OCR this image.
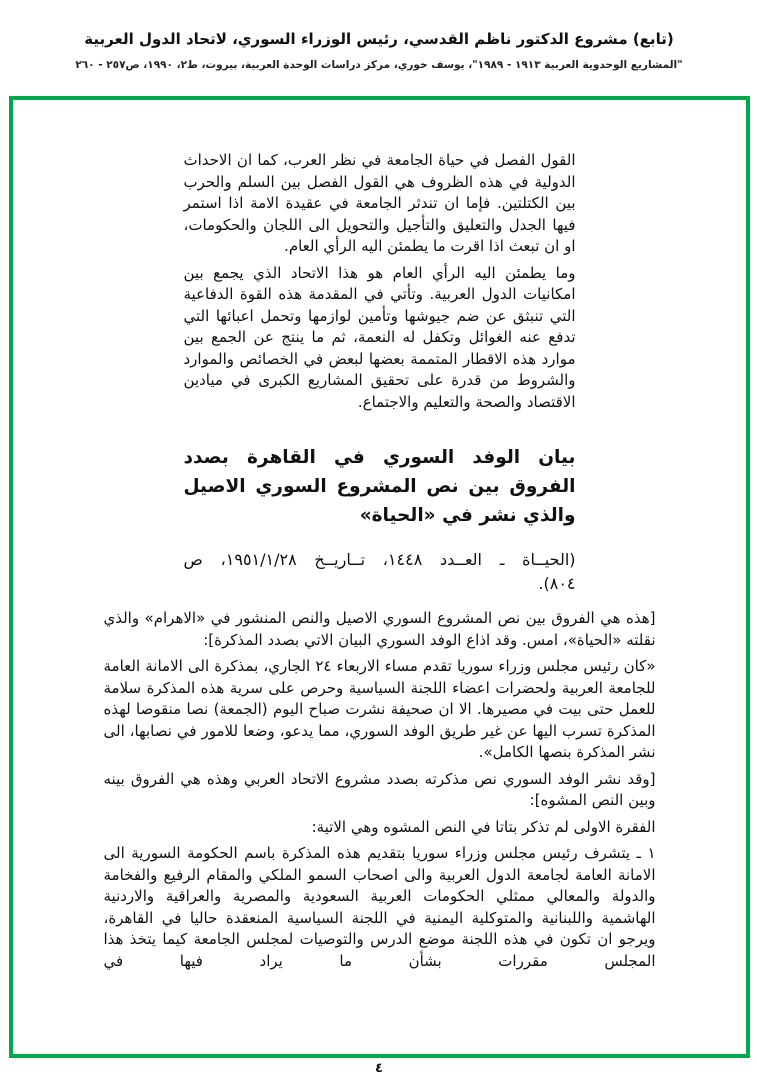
(تابع) مشروع الدكتور ناظم القدسي، رئيس الوزراء السوري، لاتحاد الدول العربية
"المشاريع الوحدوية العربية ١٩١٣ - ١٩٨٩"، يوسف خوري، مركز دراسات الوحدة العربية، بيروت، ط٢، ١٩٩٠، ص٢٥٧ - ٢٦٠

القول الفصل في حياة الجامعة في نظر العرب، كما ان الاحداث الدولية في هذه الظروف هي القول الفصل بين السلم والحرب بين الكتلتين. فإما ان تندثر الجامعة في عقيدة الامة اذا استمر فيها الجدل والتعليق والتأجيل والتحويل الى اللجان والحكومات، او ان تبعث اذا اقرت ما يطمئن اليه الرأي العام.

وما يطمئن اليه الرأي العام هو هذا الاتحاد الذي يجمع بين امكانيات الدول العربية. وتأتي في المقدمة هذه القوة الدفاعية التي تنبثق عن ضم جيوشها وتأمين لوازمها وتحمل اعبائها التي تدفع عنه الغوائل وتكفل له النعمة، ثم ما ينتج عن الجمع بين موارد هذه الاقطار المتممة بعضها لبعض في الخصائص والموارد والشروط من قدرة على تحقيق المشاريع الكبرى في ميادين الاقتصاد والصحة والتعليم والاجتماع.

بيان الوفد السوري في القاهرة بصدد الفروق بين نص المشروع السوري الاصيل والذي نشر في «الحياة»
(الحيــاة ـ العــدد ١٤٤٨، تــاريــخ ١٩٥١/١/٢٨، ص ٨٠٤).

[هذه هي الفروق بين نص المشروع السوري الاصيل والنص المنشور في «الاهرام» والذي نقلته «الحياة»، امس. وقد اذاع الوفد السوري البيان الاتي بصدد المذكرة]:

«كان رئيس مجلس وزراء سوريا تقدم مساء الاربعاء ٢٤ الجاري، بمذكرة الى الامانة العامة للجامعة العربية ولحضرات اعضاء اللجنة السياسية وحرص على سرية هذه المذكرة سلامة للعمل حتى بيت في مصيرها. الا ان صحيفة نشرت صباح اليوم (الجمعة) نصا منقوصا لهذه المذكرة تسرب اليها عن غير طريق الوفد السوري، مما يدعو، وضعا للامور في نصابها، الى نشر المذكرة بنصها الكامل».

[وقد نشر الوفد السوري نص مذكرته بصدد مشروع الاتحاد العربي وهذه هي الفروق بينه وبين النص المشوه]:

الفقرة الاولى لم تذكر بتاتا في النص المشوه وهي الاتية:

١ ـ يتشرف رئيس مجلس وزراء سوريا بتقديم هذه المذكرة باسم الحكومة السورية الى الامانة العامة لجامعة الدول العربية والى اصحاب السمو الملكي والمقام الرفيع والفخامة والدولة والمعالي ممثلي الحكومات العربية السعودية والمصرية والعراقية والاردنية الهاشمية واللبنانية والمتوكلية اليمنية في اللجنة السياسية المنعقدة حاليا في القاهرة، ويرجو ان تكون في هذه اللجنة موضع الدرس والتوصيات لمجلس الجامعة كيما يتخذ هذا المجلس مقررات بشأن ما يراد فيها في

٤
